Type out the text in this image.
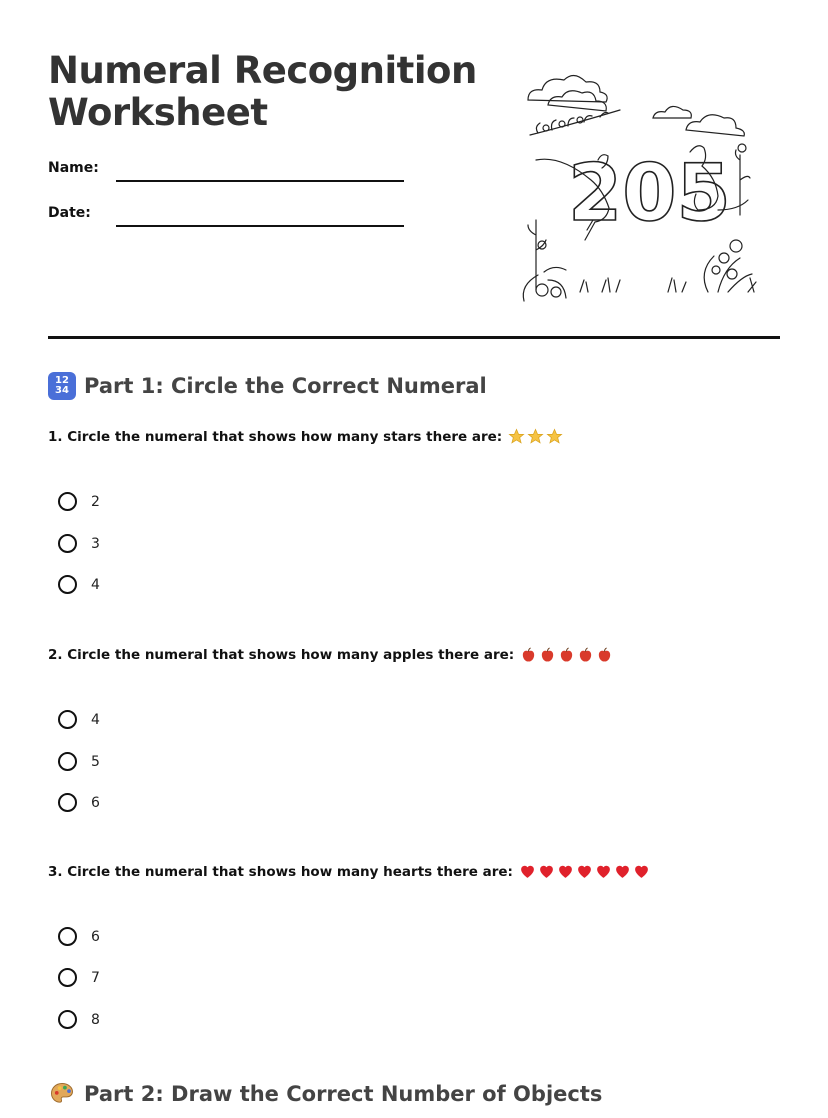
Numeral Recognition Worksheet
Name:
Date:	205
12
34 Part 1: Circle the Correct Numeral
1. Circle the numeral that shows how many stars there are:
2
3
4
2. Circle the numeral that shows how many apples there are:
4
5
6
3. Circle the numeral that shows how many hearts there are:
6
7
8
Part 2: Draw the Correct Number of Objects
